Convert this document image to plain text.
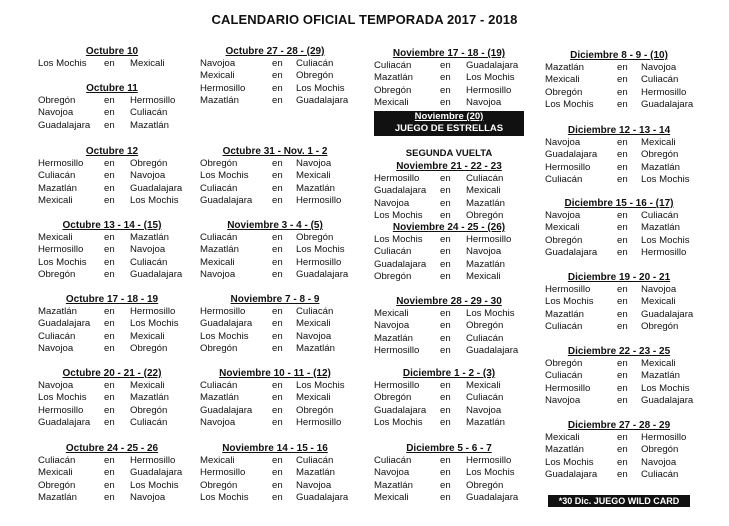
CALENDARIO OFICIAL TEMPORADA 2017 - 2018
Octubre 10
Los Mochis en Mexicali
Octubre 11
Obregón	en Hermosillo
Navojoa	en Culiacán
Guadalajara en Mazatlán
Octubre 12
Hermosillo en Obregón
Culiacán	en Navojoa
Mazatlán	en Guadalajara
Mexicali	en Los Mochis
Octubre 13 - 14 - (15)
Mexicali	en Mazatlán
Hermosillo en Navojoa
Los Mochis en Culiacán
Obregón	en Guadalajara
Octubre 17 - 18 - 19
Mazatlán	en Hermosillo
Guadalajara en Los Mochis
Culiacán	en Mexicali
Navojoa	en Obregón
Octubre 20 - 21 - (22)
Navojoa	en Mexicali
Los Mochis en Mazatlán
Hermosillo en Obregón
Guadalajara en Culiacán
Octubre 24 - 25 - 26
Culiacán	en Hermosillo
Mexicali	en Guadalajara
Obregón	en Los Mochis
Mazatlán	en Navojoa
Octubre 27 - 28 - (29)
Navojoa	en Culiacán
Mexicali	en Obregón
Hermosillo	en Los Mochis
Mazatlán	en Guadalajara
Octubre 31 - Nov. 1 - 2
Obregón	en Navojoa
Los Mochis en Mexicali
Culiacán	en Mazatlán
Guadalajara en Hermosillo
Noviembre 3 - 4 - (5)
Culiacán	en Obregón
Mazatlán	en Los Mochis
Mexicali	en Hermosillo
Navojoa	en Guadalajara
Noviembre 7 - 8 - 9
Hermosillo	en Culiacán
Guadalajara en Mexicali
Los Mochis en Navojoa
Obregón	en Mazatlán
Noviembre 10 - 11 - (12)
Culiacán	en Los Mochis
Mazatlán	en Mexicali
Guadalajara en Obregón
Navojoa	en Hermosillo
Noviembre 14 - 15 - 16
Mexicali	en Culiacán
Hermosillo	en Mazatlán
Obregón	en Navojoa
Los Mochis en Guadalajara
Noviembre 17 - 18 - (19)
Culiacán	en Guadalajara
Mazatlán	en Los Mochis
Obregón	en Hermosillo
Mexicali	en Navojoa
Noviembre (20)
JUEGO DE ESTRELLAS
SEGUNDA VUELTA
Noviembre 21 - 22 - 23
Hermosillo en Culiacán
Guadalajara en Mexicali
Navojoa	en Mazatlán
Los Mochis en Obregón
Noviembre 24 - 25 - (26)
Los Mochis en Hermosillo
Culiacán	en Navojoa
Guadalajara en Mazatlán
Obregón	en Mexicali
Noviembre 28 - 29 - 30
Mexicali	en Los Mochis
Navojoa	en Obregón
Mazatlán	en Culiacán
Hermosillo en Guadalajara
Diciembre 1 - 2 - (3)
Hermosillo en Mexicali
Obregón	en Culiacán
Guadalajara en Navojoa
Los Mochis en Mazatlán
Diciembre 5 - 6 - 7
Culiacán	en Hermosillo
Navojoa	en Los Mochis
Mazatlán	en Obregón
Mexicali	en Guadalajara
Diciembre 8 - 9 - (10)
Mazatlán	en Navojoa
Mexicali	en Culiacán
Obregón	en Hermosillo
Los Mochis en Guadalajara
Diciembre 12 - 13 - 14
Navojoa	en Mexicali
Guadalajara en Obregón
Hermosillo	en Mazatlán
Culiacán	en Los Mochis
Diciembre 15 - 16 - (17)
Navojoa	en Culiacán
Mexicali	en Mazatlán
Obregón	en Los Mochis
Guadalajara en Hermosillo
Diciembre 19 - 20 - 21
Hermosillo	en Navojoa
Los Mochis en Mexicali
Mazatlán	en Guadalajara
Culiacán	en Obregón
Diciembre 22 - 23 - 25
Obregón	en Mexicali
Culiacán	en Mazatlán
Hermosillo	en Los Mochis
Navojoa	en Guadalajara
Diciembre 27 - 28 - 29
Mexicali	en Hermosillo
Mazatlán	en Obregón
Los Mochis en Navojoa
Guadalajara en Culiacán
*30 Dic. JUEGO WILD CARD
